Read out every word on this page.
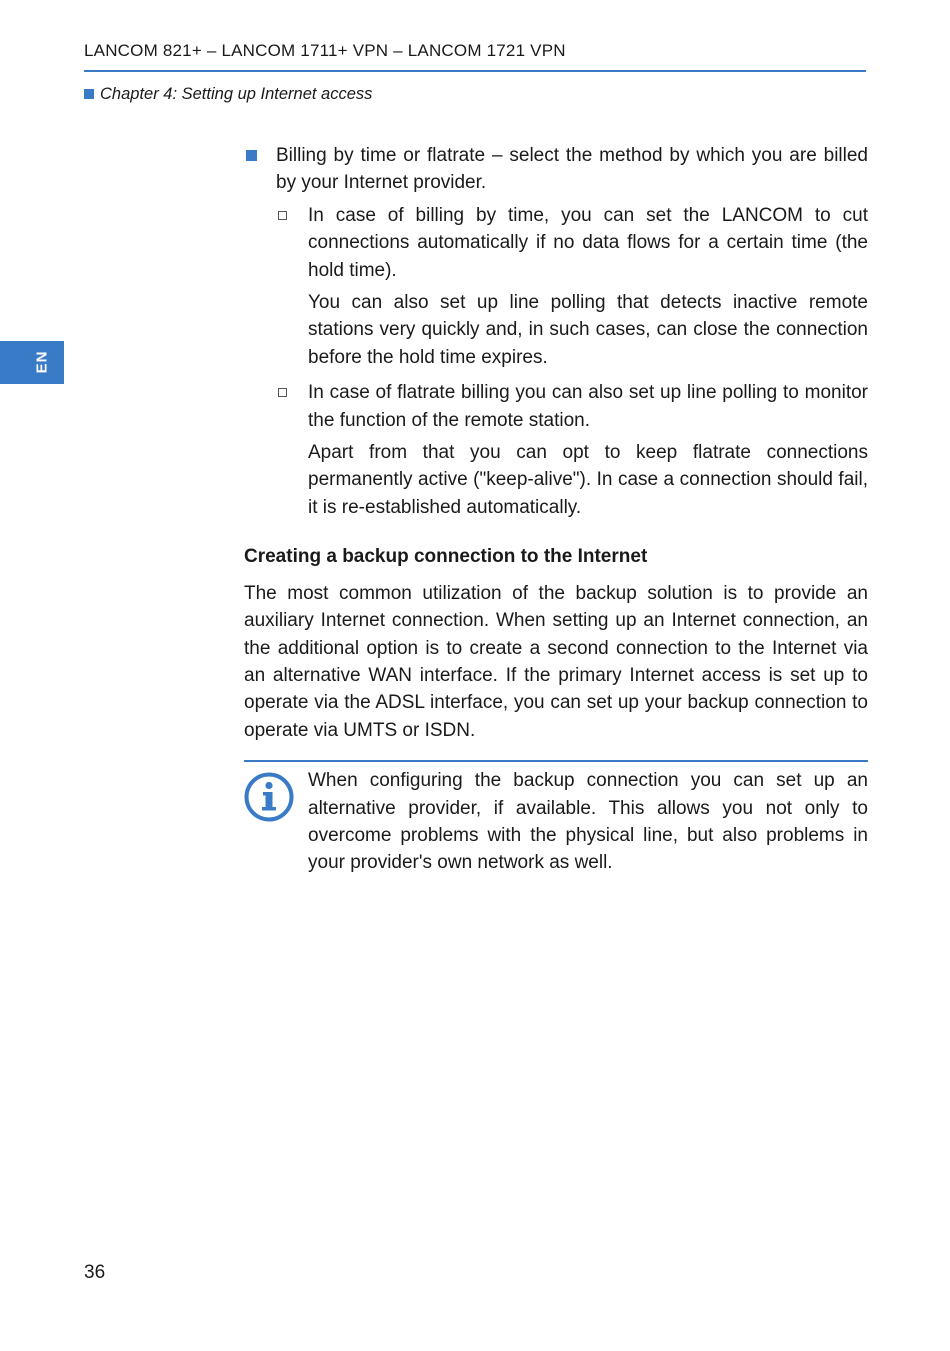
LANCOM 821+ – LANCOM 1711+ VPN – LANCOM 1721 VPN
Chapter 4: Setting up Internet access
EN
Billing by time or flatrate – select the method by which you are billed by your Internet provider.
In case of billing by time, you can set the LANCOM to cut connections automatically if no data flows for a certain time (the hold time).
You can also set up line polling that detects inactive remote stations very quickly and, in such cases, can close the connection before the hold time expires.
In case of flatrate billing you can also set up line polling to monitor the function of the remote station.
Apart from that you can opt to keep flatrate connections permanently active ("keep‑alive"). In case a connection should fail, it is re‑established automatically.
Creating a backup connection to the Internet
The most common utilization of the backup solution is to provide an auxiliary Internet connection. When setting up an Internet connection, an the additional option is to create a second connection to the Internet via an alternative WAN interface. If the primary Internet access is set up to operate via the ADSL interface, you can set up your backup connection to operate via UMTS or ISDN.
When configuring the backup connection you can set up an alternative provider, if available. This allows you not only to overcome problems with the physical line, but also problems in your provider's own network as well.
36
